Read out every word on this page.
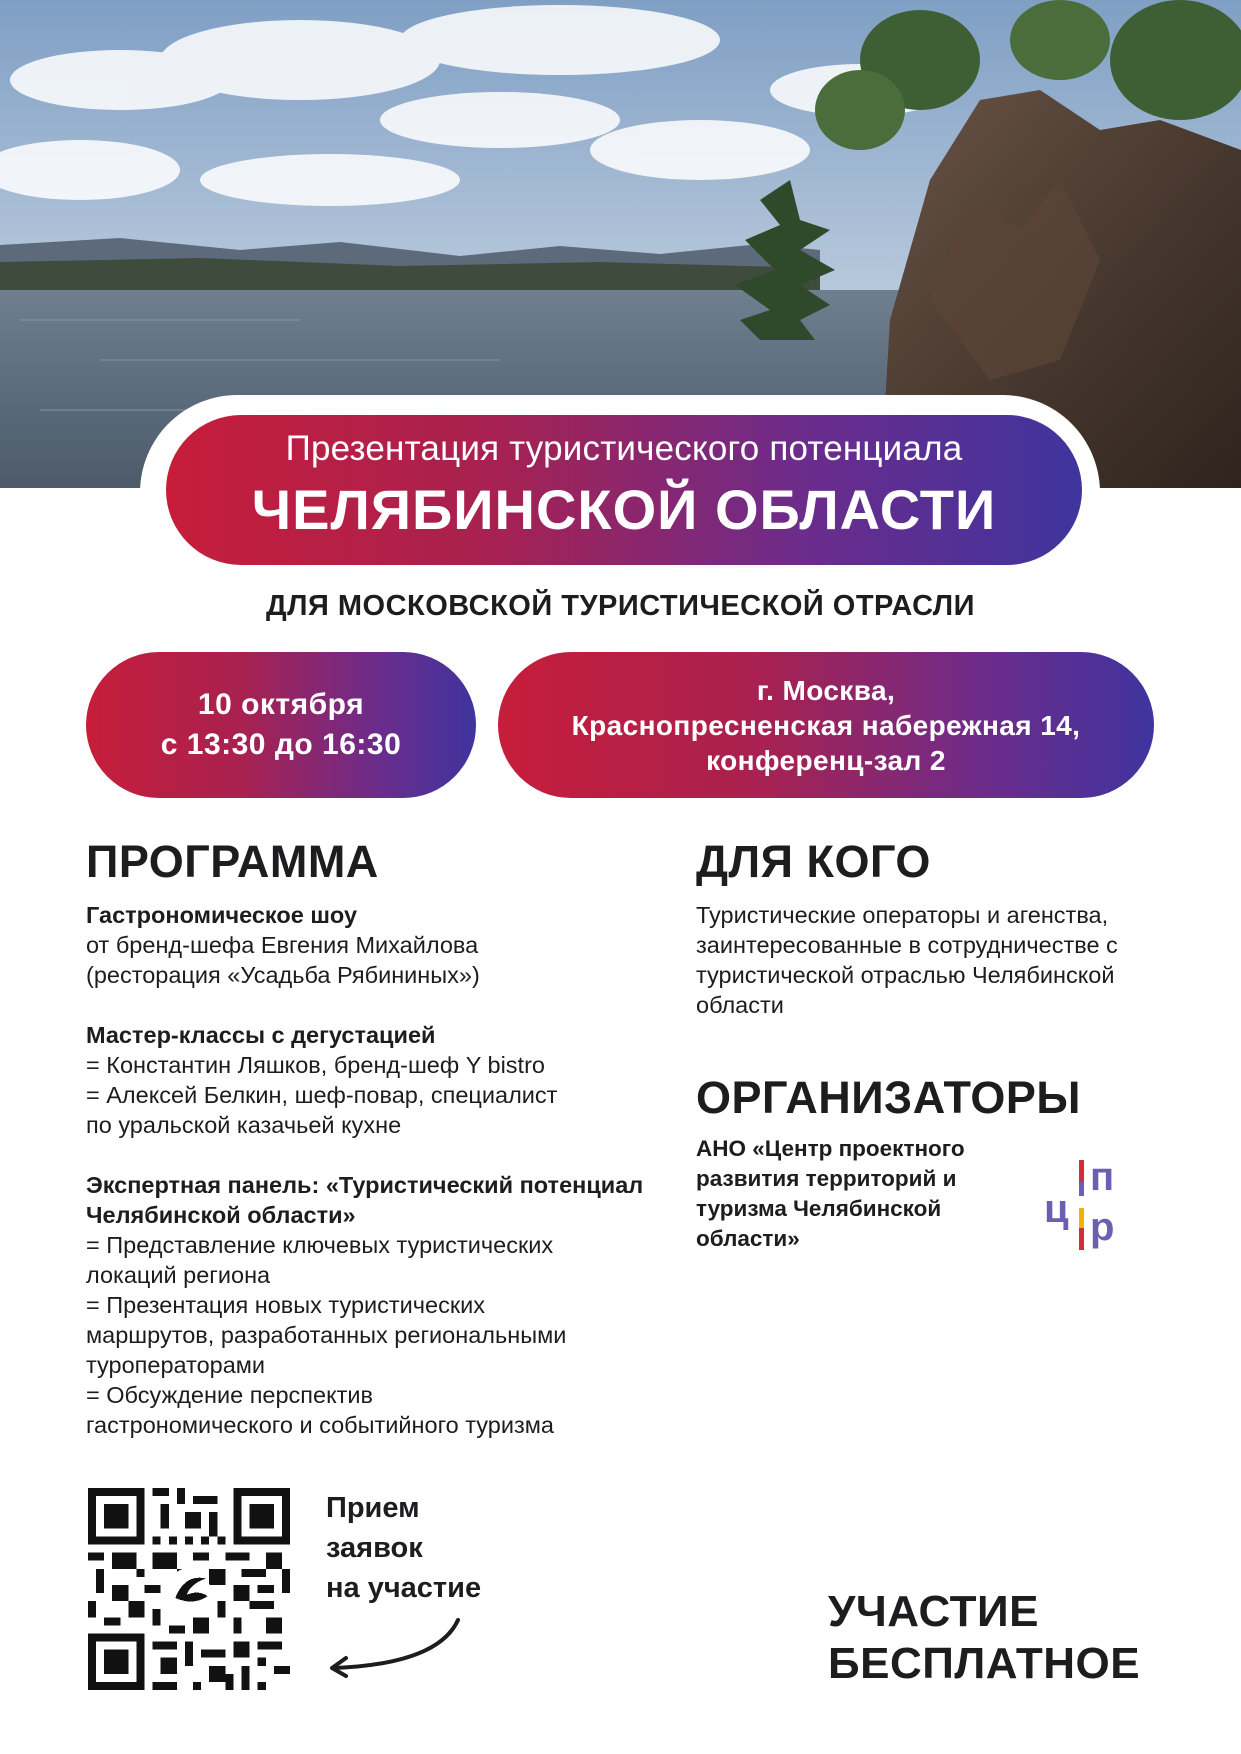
Презентация туристического потенциала
ЧЕЛЯБИНСКОЙ ОБЛАСТИ
ДЛЯ МОСКОВСКОЙ ТУРИСТИЧЕСКОЙ ОТРАСЛИ
10 октября
с 13:30 до 16:30
г. Москва,
Краснопресненская набережная 14,
конференц-зал 2
ПРОГРАММА
Гастрономическое шоу
от бренд-шефа Евгения Михайлова
(ресторация «Усадьба Рябининых»)
Мастер-классы с дегустацией
= Константин Ляшков, бренд-шеф Y bistro
= Алексей Белкин, шеф-повар, специалист
по уральской казачьей кухне
Экспертная панель: «Туристический потенциал Челябинской области»
= Представление ключевых туристических
локаций региона
= Презентация новых туристических
маршрутов, разработанных региональными
туроператорами
= Обсуждение перспектив
гастрономического и событийного туризма
ДЛЯ КОГО
Туристические операторы и агенства, заинтересованные в сотрудничестве с туристической отраслью Челябинской области
ОРГАНИЗАТОРЫ
АНО «Центр проектного развития территорий и туризма Челябинской области»
ц
п
р
Прием
заявок
на участие	УЧАСТИЕ
БЕСПЛАТНОЕ
